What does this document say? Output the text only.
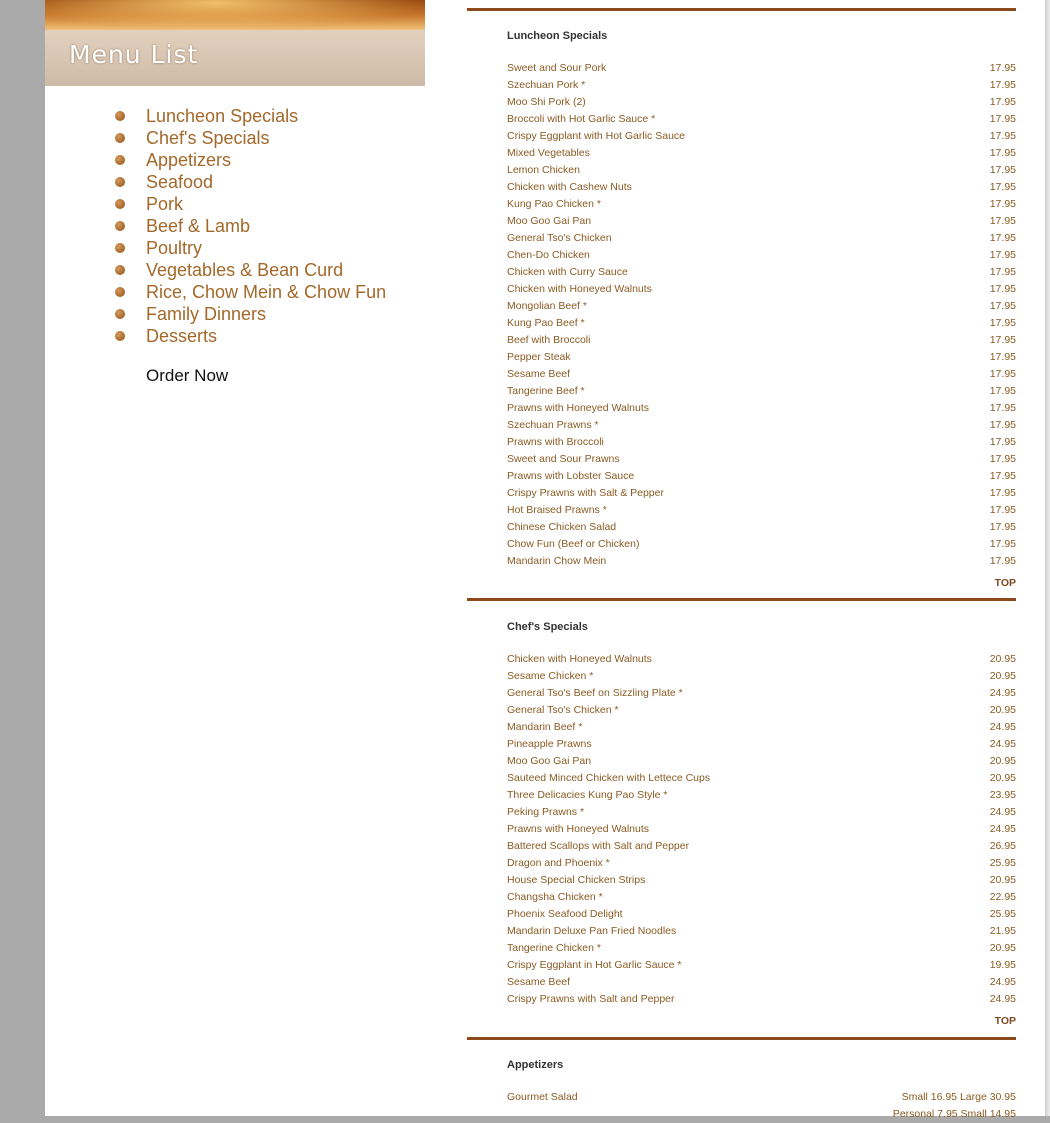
Menu List
Luncheon Specials
Chef's Specials
Appetizers
Seafood
Pork
Beef & Lamb
Poultry
Vegetables & Bean Curd
Rice, Chow Mein & Chow Fun
Family Dinners
Desserts
Order Now
Luncheon Specials
Sweet and Sour Pork	17.95
Szechuan Pork *	17.95
Moo Shi Pork (2)	17.95
Broccoli with Hot Garlic Sauce *	17.95
Crispy Eggplant with Hot Garlic Sauce	17.95
Mixed Vegetables	17.95
Lemon Chicken	17.95
Chicken with Cashew Nuts	17.95
Kung Pao Chicken *	17.95
Moo Goo Gai Pan	17.95
General Tso's Chicken	17.95
Chen-Do Chicken	17.95
Chicken with Curry Sauce	17.95
Chicken with Honeyed Walnuts	17.95
Mongolian Beef *	17.95
Kung Pao Beef *	17.95
Beef with Broccoli	17.95
Pepper Steak	17.95
Sesame Beef	17.95
Tangerine Beef *	17.95
Prawns with Honeyed Walnuts	17.95
Szechuan Prawns *	17.95
Prawns with Broccoli	17.95
Sweet and Sour Prawns	17.95
Prawns with Lobster Sauce	17.95
Crispy Prawns with Salt & Pepper	17.95
Hot Braised Prawns *	17.95
Chinese Chicken Salad	17.95
Chow Fun (Beef or Chicken)	17.95
Mandarin Chow Mein	17.95
TOP
Chef's Specials
Chicken with Honeyed Walnuts	20.95
Sesame Chicken *	20.95
General Tso's Beef on Sizzling Plate *	24.95
General Tso's Chicken *	20.95
Mandarin Beef *	24.95
Pineapple Prawns	24.95
Moo Goo Gai Pan	20.95
Sauteed Minced Chicken with Lettece Cups	20.95
Three Delicacies Kung Pao Style *	23.95
Peking Prawns *	24.95
Prawns with Honeyed Walnuts	24.95
Battered Scallops with Salt and Pepper	26.95
Dragon and Phoenix *	25.95
House Special Chicken Strips	20.95
Changsha Chicken *	22.95
Phoenix Seafood Delight	25.95
Mandarin Deluxe Pan Fried Noodles	21.95
Tangerine Chicken *	20.95
Crispy Eggplant in Hot Garlic Sauce *	19.95
Sesame Beef	24.95
Crispy Prawns with Salt and Pepper	24.95
TOP
Appetizers
Gourmet Salad	Small 16.95 Large 30.95
Personal 7.95 Small 14.95
